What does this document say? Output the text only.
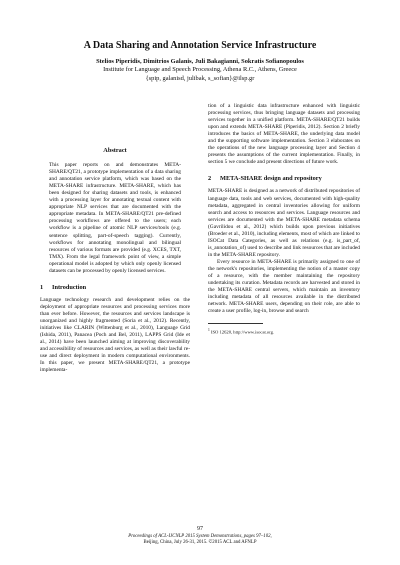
A Data Sharing and Annotation Service Infrastructure
Stelios Piperidis, Dimitrios Galanis, Juli Bakagianni, Sokratis Sofianopoulos
Institute for Language and Speech Processing, Athena R.C., Athens, Greece
{spip, galanisd, julibak, s_sofian}@ilsp.gr
Abstract

This paper reports on and demonstrates META-SHARE/QT21, a prototype implementation of a data sharing and annotation service platform, which was based on the META-SHARE infrastructure. META-SHARE, which has been designed for sharing datasets and tools, is enhanced with a processing layer for annotating textual content with appropriate NLP services that are documented with the appropriate metadata. In META-SHARE/QT21 pre-defined processing workflows are offered to the users; each workflow is a pipeline of atomic NLP services/tools (e.g. sentence splitting, part-of-speech tagging). Currently, workflows for annotating monolingual and bilingual resources of various formats are provided (e.g. XCES, TXT, TMX). From the legal framework point of view, a simple operational model is adopted by which only openly licensed datasets can be processed by openly licensed services.

1 Introduction

Language technology research and development relies on the deployment of appropriate resources and processing services more than ever before. However, the resources and services landscape is unorganized and highly fragmented (Soria et al., 2012). Recently, initiatives like CLARIN (Wittenburg et al., 2010), Language Grid (Ishida, 2011), Panacea (Poch and Bel, 2011), LAPPS Grid (Ide et al., 2014) have been launched aiming at improving discoverability and accessibility of resources and services, as well as their lawful re-use and direct deployment in modern computational environments. In this paper, we present META-SHARE/QT21, a prototype implementa-

tion of a linguistic data infrastructure enhanced with linguistic processing services, thus bringing language datasets and processing services together in a unified platform. META-SHARE/QT21 builds upon and extends META-SHARE (Piperidis, 2012). Section 2 briefly introduces the basics of META-SHARE, the underlying data model and the supporting software implementation. Section 3 elaborates on the operations of the new language processing layer and Section 4 presents the assumptions of the current implementation. Finally, in section 5 we conclude and present directions of future work.

2 META-SHARE design and repository

META-SHARE is designed as a network of distributed repositories of language data, tools and web services, documented with high-quality metadata, aggregated in central inventories allowing for uniform search and access to resources and services. Language resources and services are documented with the META-SHARE metadata schema (Gavrilidou et al., 2012) which builds upon previous initiatives (Broeder et al., 2010), including elements, most of which are linked to ISOCat Data Categories, as well as relations (e.g. is_part_of, is_annotation_of) used to describe and link resources that are included in the META-SHARE repository.

Every resource in META-SHARE is primarily assigned to one of the network's repositories, implementing the notion of a master copy of a resource, with the member maintaining the repository undertaking its curation. Metadata records are harvested and stored in the META-SHARE central servers, which maintain an inventory including metadata of all resources available in the distributed network. META-SHARE users, depending on their role, are able to create a user profile, log-in, browse and search

$^1$ ISO 12620, http://www.isocat.org.
97
Proceedings of ACL-IJCNLP 2015 System Demonstrations, pages 97–102,
Beijing, China, July 26-31, 2015. ©2015 ACL and AFNLP
